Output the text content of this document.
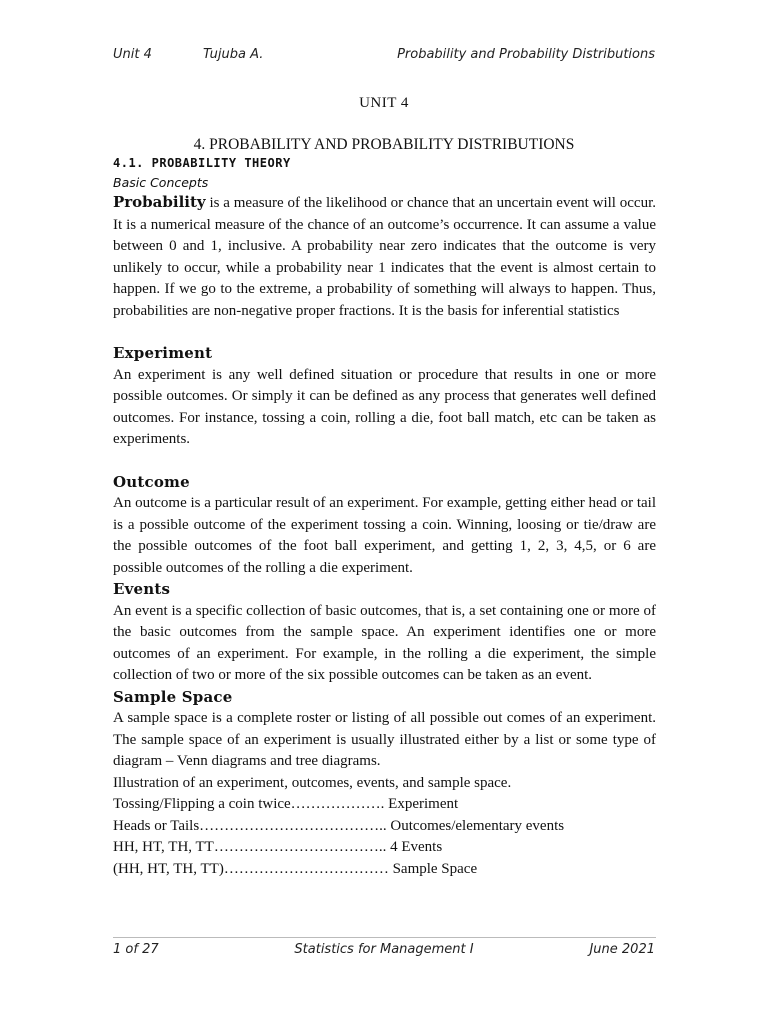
Unit 4	Tujuba A.	Probability and Probability Distributions
UNIT 4
4. PROBABILITY AND PROBABILITY DISTRIBUTIONS
4.1. PROBABILITY THEORY
Basic Concepts

Probability is a measure of the likelihood or chance that an uncertain event will occur. It is a numerical measure of the chance of an outcome’s occurrence. It can assume a value between 0 and 1, inclusive. A probability near zero indicates that the outcome is very unlikely to occur, while a probability near 1 indicates that the event is almost certain to happen. If we go to the extreme, a probability of something will always to happen. Thus, probabilities are non-negative proper fractions. It is the basis for inferential statistics

Experiment

An experiment is any well defined situation or procedure that results in one or more possible outcomes. Or simply it can be defined as any process that generates well defined outcomes. For instance, tossing a coin, rolling a die, foot ball match, etc can be taken as experiments.

Outcome

An outcome is a particular result of an experiment. For example, getting either head or tail is a possible outcome of the experiment tossing a coin. Winning, loosing or tie/draw are the possible outcomes of the foot ball experiment, and getting 1, 2, 3, 4,5, or 6 are possible outcomes of the rolling a die experiment.

Events

An event is a specific collection of basic outcomes, that is, a set containing one or more of the basic outcomes from the sample space. An experiment identifies one or more outcomes of an experiment. For example, in the rolling a die experiment, the simple collection of two or more of the six possible outcomes can be taken as an event.

Sample Space

A sample space is a complete roster or listing of all possible out comes of an experiment. The sample space of an experiment is usually illustrated either by a list or some type of diagram – Venn diagrams and tree diagrams.

Illustration of an experiment, outcomes, events, and sample space.

Tossing/Flipping a coin twice………………. Experiment

Heads or Tails……………………………….. Outcomes/elementary events

HH, HT, TH, TT…………………………….. 4 Events

(HH, HT, TH, TT)…………………………… Sample Space

1 of 27	Statistics for Management I	June 2021
